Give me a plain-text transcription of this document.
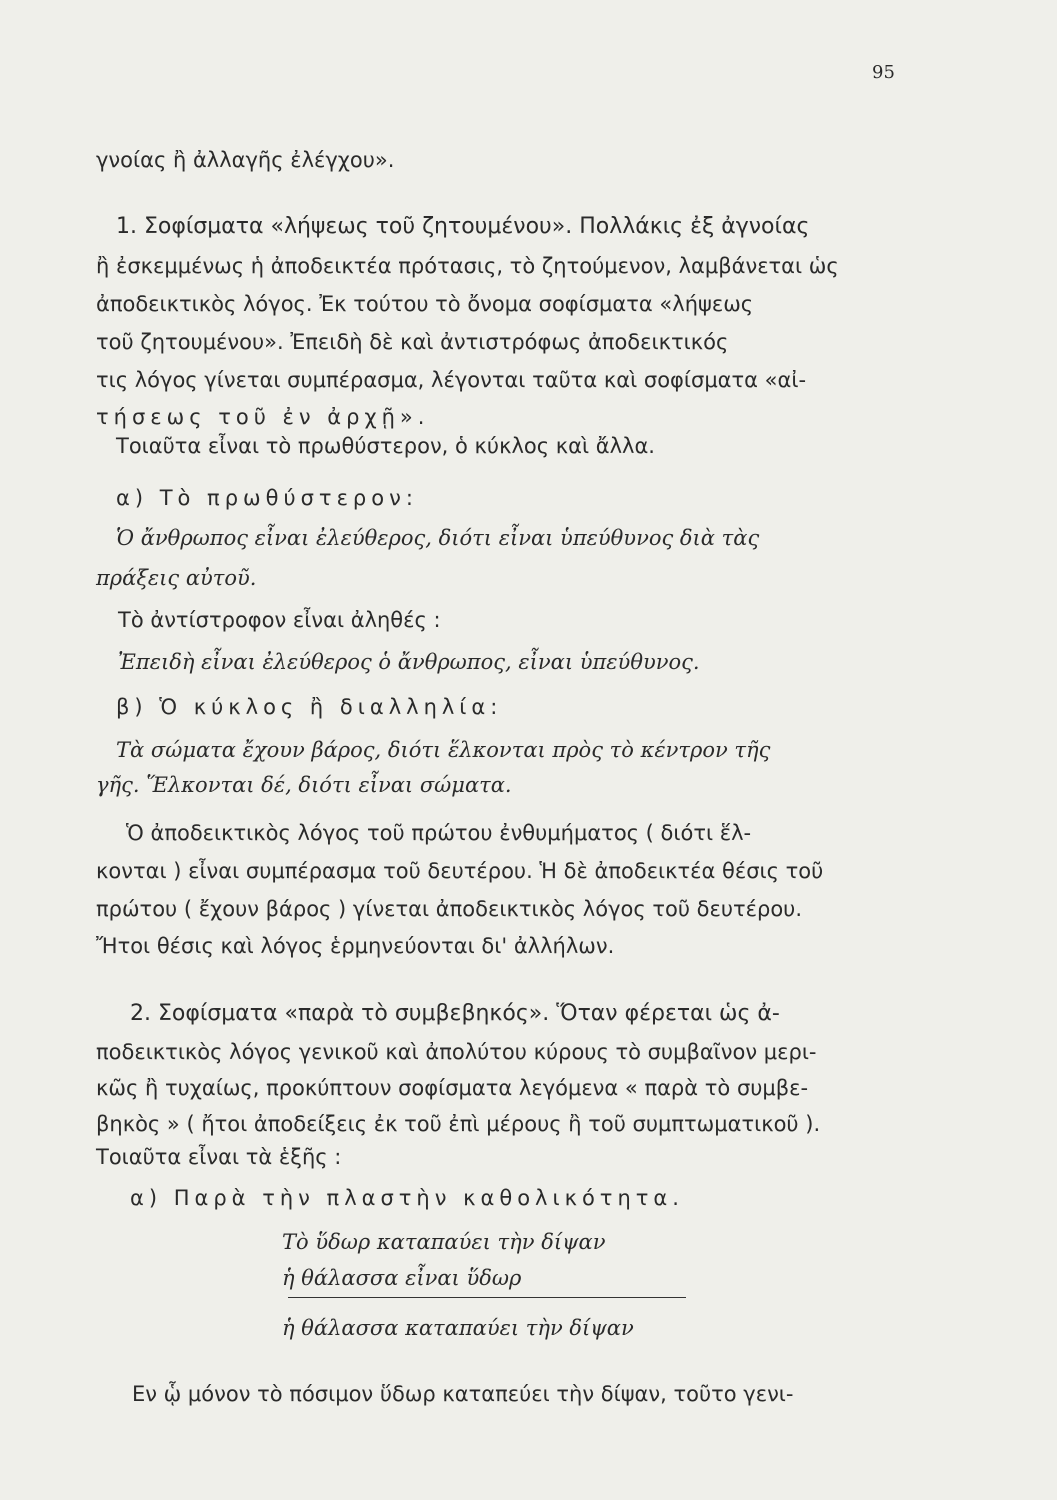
95
γνοίας ἢ ἀλλαγῆς ἐλέγχου».
1. Σοφίσματα «λήψεως τοῦ ζητουμένου». Πολλάκις ἐξ ἀγνοίας
ἢ ἐσκεμμένως ἡ ἀποδεικτέα πρότασις, τὸ ζητούμενον, λαμβάνεται ὡς
ἀποδεικτικὸς λόγος. Ἐκ τούτου τὸ ὄνομα σοφίσματα «λήψεως
τοῦ ζητουμένου». Ἐπειδὴ δὲ καὶ ἀντιστρόφως ἀποδεικτικός
τις λόγος γίνεται συμπέρασμα, λέγονται ταῦτα καὶ σοφίσματα «αἰ-
τήσεως τοῦ ἐν ἀρχῇ».
Τοιαῦτα εἶναι τὸ πρωθύστερον, ὁ κύκλος καὶ ἄλλα.
α) Τὸ πρωθύστερον:
Ὁ ἄνθρωπος εἶναι ἐλεύθερος, διότι εἶναι ὑπεύθυνος διὰ τὰς
πράξεις αὐτοῦ.
Τὸ ἀντίστροφον εἶναι ἀληθές :
Ἐπειδὴ εἶναι ἐλεύθερος ὁ ἄνθρωπος, εἶναι ὑπεύθυνος.
β) Ὁ κύκλος ἢ διαλληλία:
Τὰ σώματα ἔχουν βάρος, διότι ἕλκονται πρὸς τὸ κέντρον τῆς
γῆς. Ἕλκονται δέ, διότι εἶναι σώματα.
Ὁ ἀποδεικτικὸς λόγος τοῦ πρώτου ἐνθυμήματος ( διότι ἕλ-
κονται ) εἶναι συμπέρασμα τοῦ δευτέρου. Ἡ δὲ ἀποδεικτέα θέσις τοῦ
πρώτου ( ἔχουν βάρος ) γίνεται ἀποδεικτικὸς λόγος τοῦ δευτέρου.
Ἤτοι θέσις καὶ λόγος ἑρμηνεύονται δι' ἀλλήλων.
2. Σοφίσματα «παρὰ τὸ συμβεβηκός». Ὅταν φέρεται ὡς ἀ-
ποδεικτικὸς λόγος γενικοῦ καὶ ἀπολύτου κύρους τὸ συμβαῖνον μερι-
κῶς ἢ τυχαίως, προκύπτουν σοφίσματα λεγόμενα « παρὰ τὸ συμβε-
βηκὸς » ( ἤτοι ἀποδείξεις ἐκ τοῦ ἐπὶ μέρους ἢ τοῦ συμπτωματικοῦ ).
Τοιαῦτα εἶναι τὰ ἑξῆς :
α) Παρὰ τὴν πλαστὴν καθολικότητα.
Τὸ ὕδωρ καταπαύει τὴν δίψαν
ἡ θάλασσα εἶναι ὕδωρ
ἡ θάλασσα καταπαύει τὴν δίψαν
Εν ᾧ μόνον τὸ πόσιμον ὕδωρ καταπεύει τὴν δίψαν, τοῦτο γενι-
